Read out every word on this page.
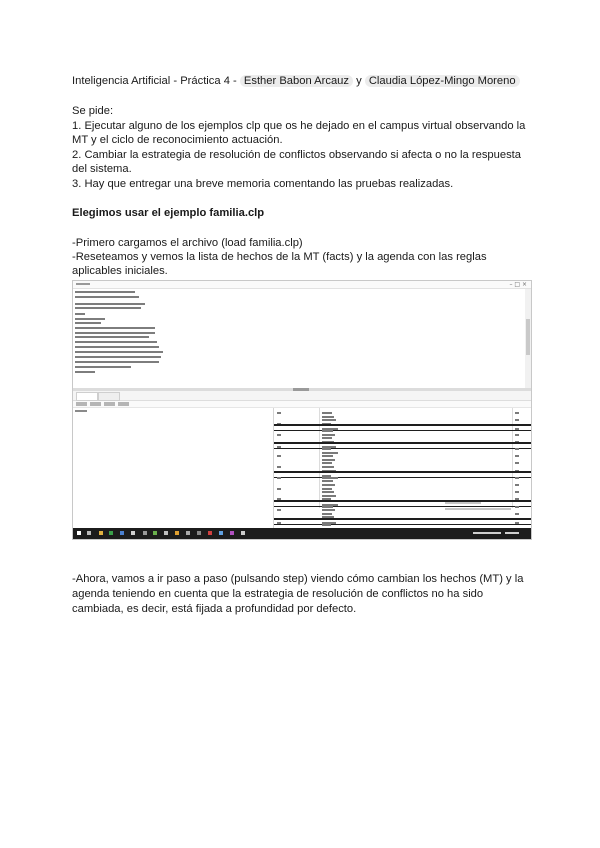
Inteligencia Artificial - Práctica 4 - Esther Babon Arcauz y Claudia López-Mingo Moreno
Se pide:
1. Ejecutar alguno de los ejemplos clp que os he dejado en el campus virtual observando la
MT y el ciclo de reconocimiento actuación.
2. Cambiar la estrategia de resolución de conflictos observando si afecta o no la respuesta
del sistema.
3. Hay que entregar una breve memoria comentando las pruebas realizadas.
Elegimos usar el ejemplo familia.clp
-Primero cargamos el archivo (load familia.clp)
-Reseteamos y vemos la lista de hechos de la MT (facts) y la agenda con las reglas
aplicables iniciales.
– □ ×
-Ahora, vamos a ir paso a paso (pulsando step) viendo cómo cambian los hechos (MT) y la
agenda teniendo en cuenta que la estrategia de resolución de conflictos no ha sido
cambiada, es decir, está fijada a profundidad por defecto.
